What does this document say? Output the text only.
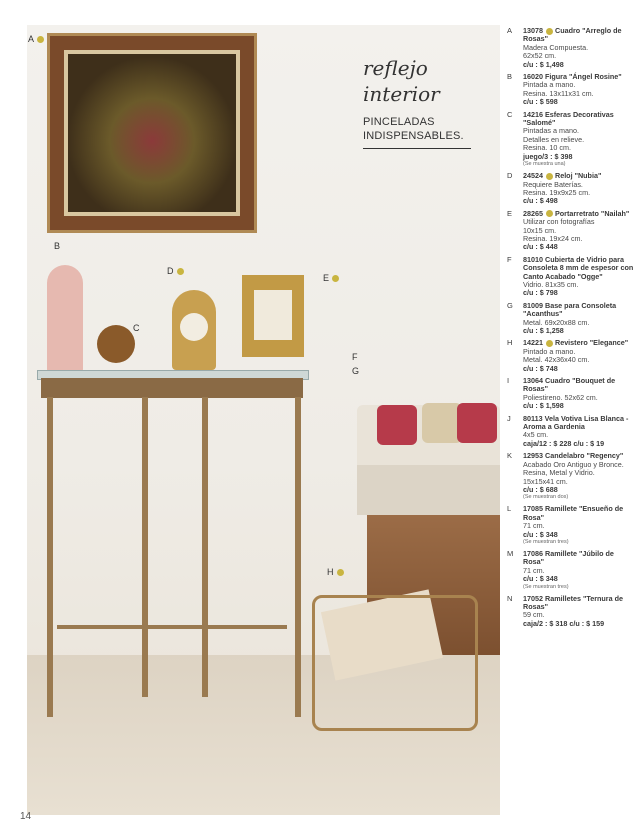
A
B
C
D
E
F
G
H
reflejo
interior
PINCELADAS INDISPENSABLES.
A 13078 Cuadro "Arreglo de Rosas"
Madera Compuesta.
62x52 cm.
c/u : $ 1,498
B 16020 Figura "Ángel Rosine"
Pintada a mano.
Resina. 13x11x31 cm.
c/u : $ 598
C 14216 Esferas Decorativas "Salomé"
Pintadas a mano.
Detalles en relieve.
Resina. 10 cm.
juego/3 : $ 398
(Se muestra una)
D 24524 Reloj "Nubia"
Requiere Baterías.
Resina. 19x9x25 cm.
c/u : $ 498
E 28265 Portarretrato "Nailah"
Utilizar con fotografías
10x15 cm.
Resina. 19x24 cm.
c/u : $ 448
F 81010 Cubierta de Vidrio para Consoleta 8 mm de espesor con Canto Acabado "Ogge"
Vidrio. 81x35 cm.
c/u : $ 798
G 81009 Base para Consoleta "Acanthus"
Metal. 69x20x88 cm.
c/u : $ 1,258
H 14221 Revistero "Elegance"
Pintado a mano.
Metal. 42x36x40 cm.
c/u : $ 748
I 13064 Cuadro "Bouquet de Rosas"
Poliestireno. 52x62 cm.
c/u : $ 1,598
J 80113 Vela Votiva Lisa Blanca -Aroma a Gardenia
4x5 cm.
caja/12 : $ 228 c/u : $ 19
K 12953 Candelabro "Regency"
Acabado Oro Antiguo y Bronce.
Resina, Metal y Vidrio.
15x15x41 cm.
c/u : $ 688
(Se muestran dos)
L 17085 Ramillete "Ensueño de Rosa"
71 cm.
c/u : $ 348
(Se muestran tres)
M 17086 Ramillete "Júbilo de Rosa"
71 cm.
c/u : $ 348
(Se muestran tres)
N 17052 Ramilletes "Ternura de Rosas"
59 cm.
caja/2 : $ 318 c/u : $ 159
14
